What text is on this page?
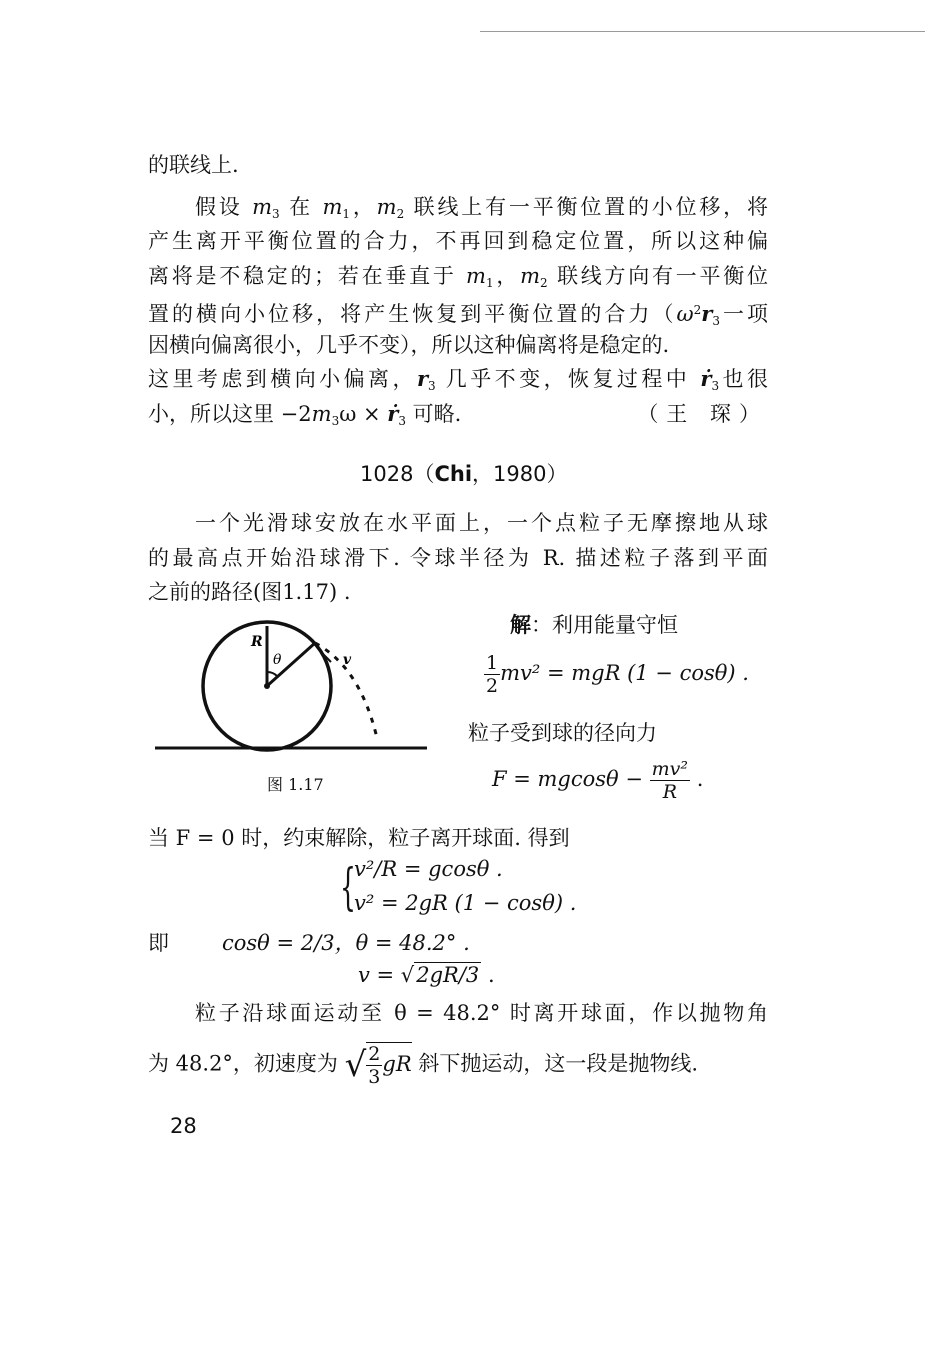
的联线上.
假设 $m_3$ 在 $m_1$，$m_2$ 联线上有一平衡位置的小位移，将
产生离开平衡位置的合力，不再回到稳定位置，所以这种偏
离将是不稳定的；若在垂直于 $m_1$，$m_2$ 联线方向有一平衡位
置的横向小位移，将产生恢复到平衡位置的合力（$\omega^2r_3$一项
因横向偏离很小，几乎不变），所以这种偏离将是稳定的.
这里考虑到横向小偏离，$r_3$ 几乎不变，恢复过程中 ṙ$_3$也很
小，所以这里 $-2m_3\omega$ × ṙ$_3$ 可略.	（王 琛）
1028（Chi，1980）
一个光滑球安放在水平面上，一个点粒子无摩擦地从球
的最高点开始沿球滑下. 令球半径为 R. 描述粒子落到平面
之前的路径(图1.17) .
R
θ	v
图 1.17
解：利用能量守恒
$\frac{1}{2} mv^2$ = mgR (1 − cosθ) .
粒子受到球的径向力
$F = mgcos\theta - \frac{\text{mv²}}{R}$ .
当 F = 0 时，约束解除，粒子离开球面. 得到
{
v²/R = gcosθ .
v² = 2gR (1 − cosθ) .
即	cosθ = 2/3，θ = 48.2° .
v = √2gR/3 .
粒子沿球面运动至 θ = 48.2° 时离开球面，作以抛物角
为 48.2°，初速度为 √ $\frac{2}{3}$ gR 斜下抛运动，这一段是抛物线.
28
